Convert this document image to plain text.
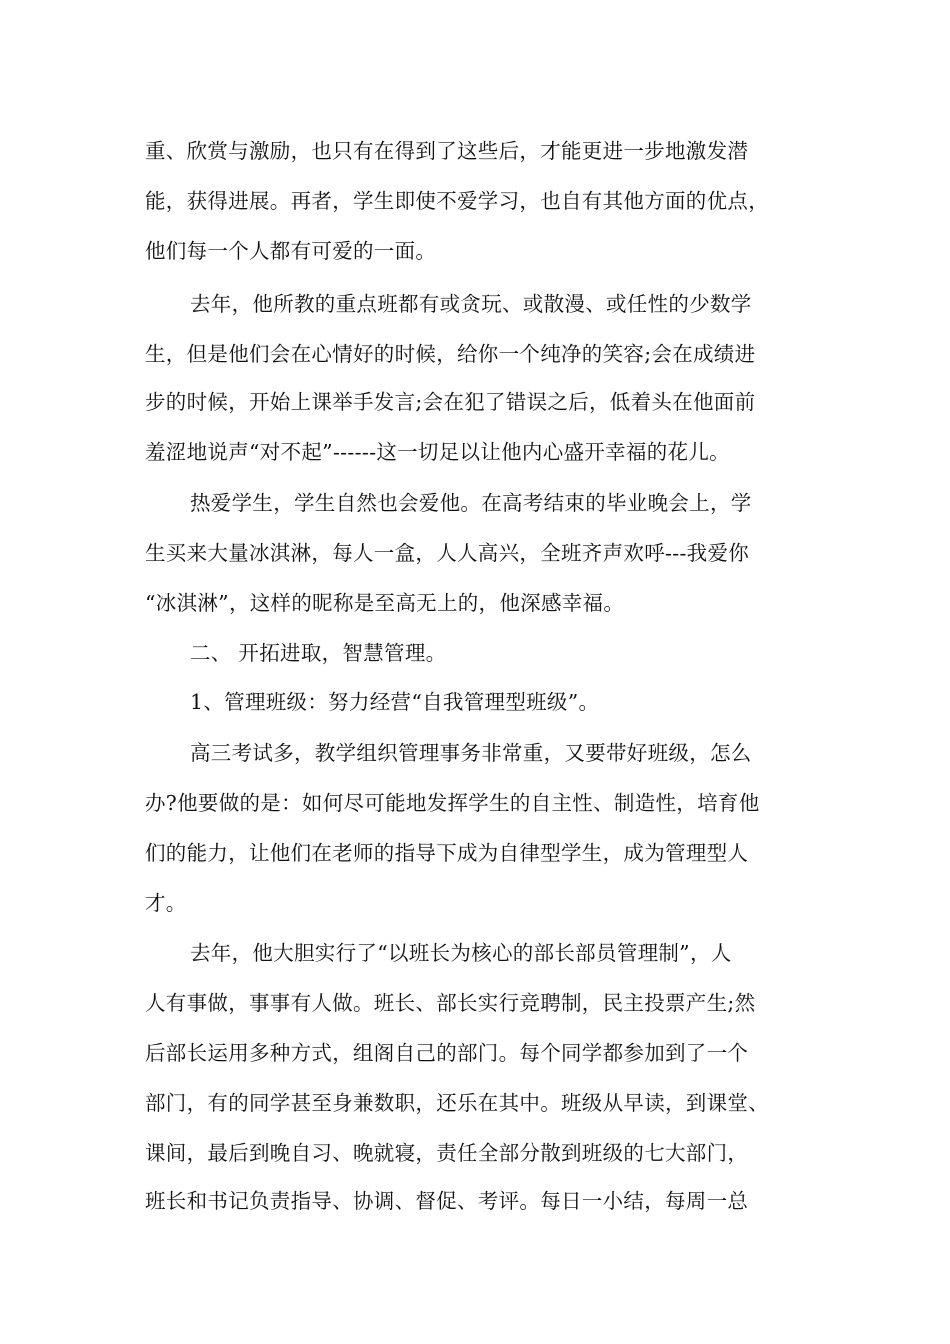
重、欣赏与激励，也只有在得到了这些后，才能更进一步地激发潜
能，获得进展。再者，学生即使不爱学习，也自有其他方面的优点，
他们每一个人都有可爱的一面。
去年，他所教的重点班都有或贪玩、或散漫、或任性的少数学
生，但是他们会在心情好的时候，给你一个纯净的笑容;会在成绩进
步的时候，开始上课举手发言;会在犯了错误之后，低着头在他面前
羞涩地说声“对不起”------这一切足以让他内心盛开幸福的花儿。
热爱学生，学生自然也会爱他。在高考结束的毕业晚会上，学
生买来大量冰淇淋，每人一盒，人人高兴，全班齐声欢呼---我爱你
“冰淇淋”，这样的昵称是至高无上的，他深感幸福。
二、 开拓进取，智慧管理。
1、管理班级：努力经营“自我管理型班级”。
高三考试多，教学组织管理事务非常重，又要带好班级，怎么
办?他要做的是：如何尽可能地发挥学生的自主性、制造性，培育他
们的能力，让他们在老师的指导下成为自律型学生，成为管理型人
才。
去年，他大胆实行了“以班长为核心的部长部员管理制”，人
人有事做，事事有人做。班长、部长实行竞聘制，民主投票产生;然
后部长运用多种方式，组阁自己的部门。每个同学都参加到了一个
部门，有的同学甚至身兼数职，还乐在其中。班级从早读，到课堂、
课间，最后到晚自习、晚就寝，责任全部分散到班级的七大部门，
班长和书记负责指导、协调、督促、考评。每日一小结，每周一总
